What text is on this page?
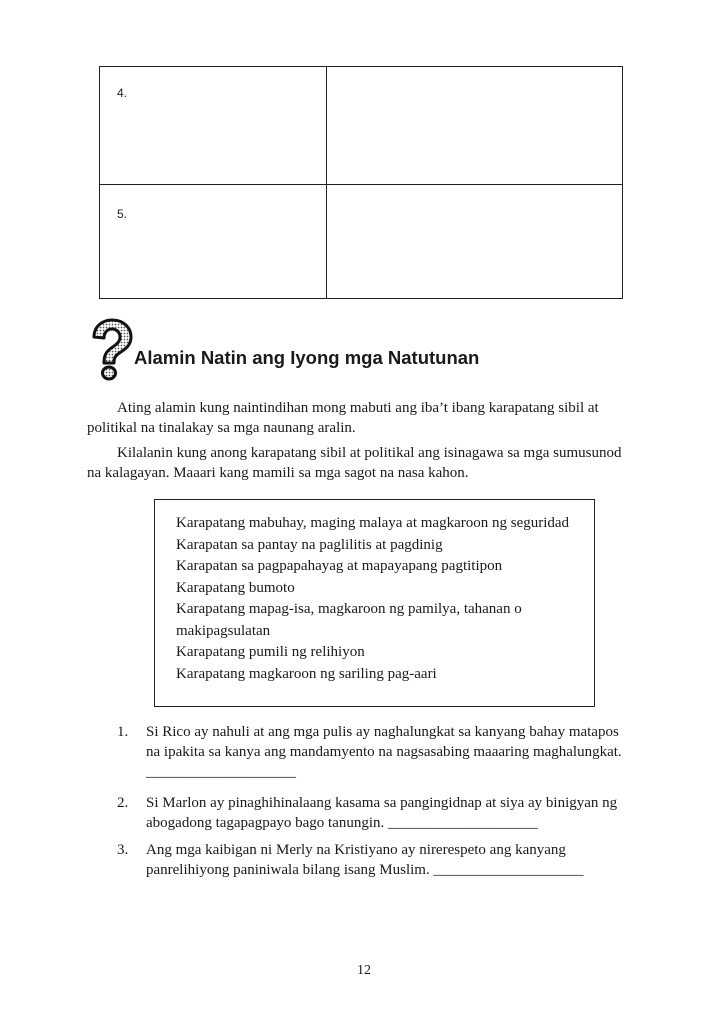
4.
5.
Alamin Natin ang Iyong mga Natutunan

Ating alamin kung naintindihan mong mabuti ang iba’t ibang karapatang sibil at politikal na tinalakay sa mga naunang aralin.

Kilalanin kung anong karapatang sibil at politikal ang isinagawa sa mga sumusunod na kalagayan. Maaari kang mamili sa mga sagot na nasa kahon.

Karapatang mabuhay, maging malaya at magkaroon ng seguridad
Karapatan sa pantay na paglilitis at pagdinig
Karapatan sa pagpapahayag at mapayapang pagtitipon
Karapatang bumoto
Karapatang mapag-isa, magkaroon ng pamilya, tahanan o makipagsulatan
Karapatang pumili ng relihiyon
Karapatang magkaroon ng sariling pag-aari
1. Si Rico ay nahuli at ang mga pulis ay naghalungkat sa kanyang bahay matapos na ipakita sa kanya ang mandamyento na nagsasabing maaaring maghalungkat. ____________________
2. Si Marlon ay pinaghihinalaang kasama sa pangingidnap at siya ay binigyan ng abogadong tagapagpayo bago tanungin. ____________________
3. Ang mga kaibigan ni Merly na Kristiyano ay nirerespeto ang kanyang panrelihiyong paniniwala bilang isang Muslim. ____________________
12
